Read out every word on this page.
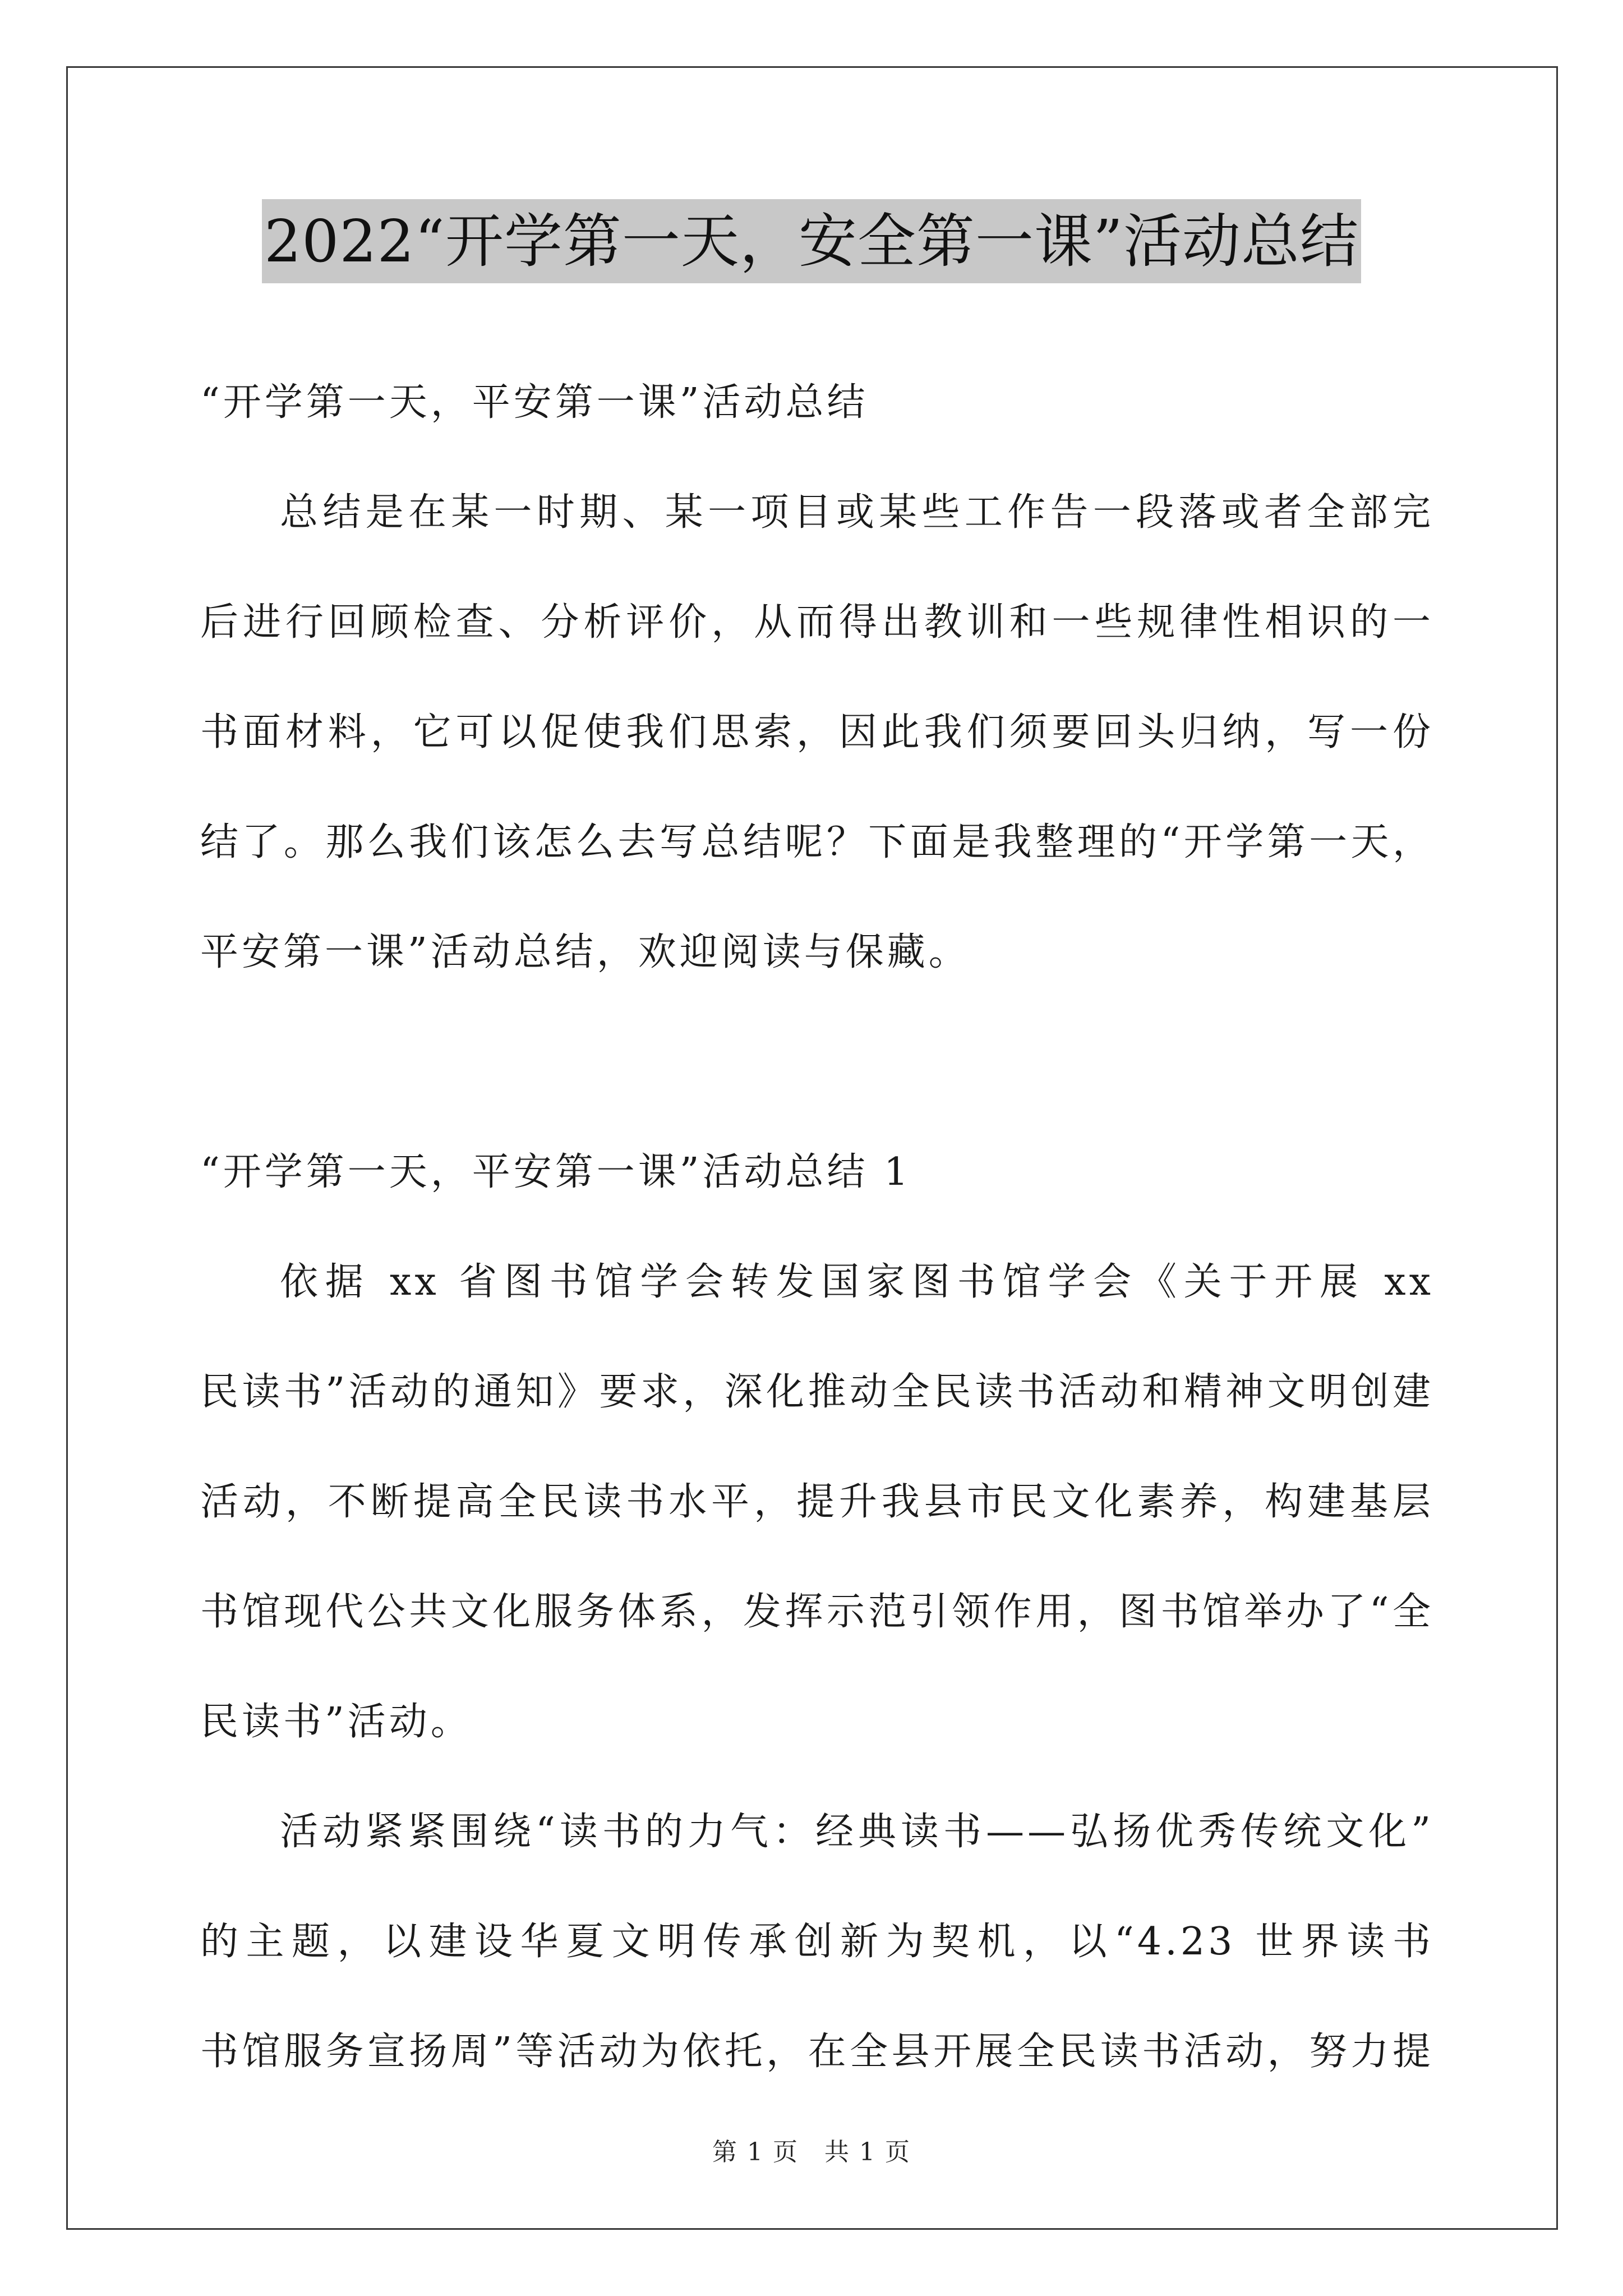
2022“开学第一天，安全第一课”活动总结
“开学第一天，平安第一课”活动总结
总结是在某一时期、某一项目或某些工作告一段落或者全部完
后进行回顾检查、分析评价，从而得出教训和一些规律性相识的一
书面材料，它可以促使我们思索，因此我们须要回头归纳，写一份
结了。那么我们该怎么去写总结呢？下面是我整理的“开学第一天，
平安第一课”活动总结，欢迎阅读与保藏。
“开学第一天，平安第一课”活动总结 1
依据 xx 省图书馆学会转发国家图书馆学会《关于开展 xx
民读书”活动的通知》要求，深化推动全民读书活动和精神文明创建
活动，不断提高全民读书水平，提升我县市民文化素养，构建基层
书馆现代公共文化服务体系，发挥示范引领作用，图书馆举办了“全
民读书”活动。
活动紧紧围绕“读书的力气：经典读书——弘扬优秀传统文化”
的主题，以建设华夏文明传承创新为契机，以“4.23 世界读书
书馆服务宣扬周”等活动为依托，在全县开展全民读书活动，努力提
第 1 页　共 1 页
